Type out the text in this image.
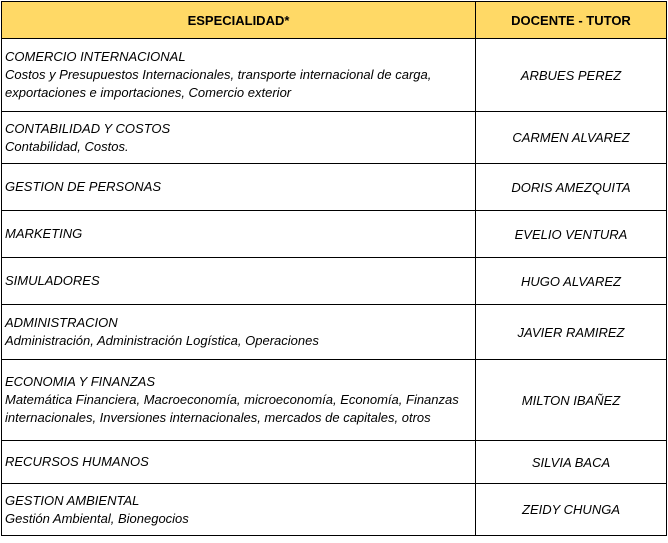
ESPECIALIDAD*	DOCENTE - TUTOR

COMERCIO INTERNACIONAL
Costos y Presupuestos Internacionales, transporte internacional de carga, exportaciones e importaciones, Comercio exterior	ARBUES PEREZ

CONTABILIDAD Y COSTOS
Contabilidad, Costos.	CARMEN ALVAREZ

GESTION DE PERSONAS	DORIS AMEZQUITA

MARKETING	EVELIO VENTURA

SIMULADORES	HUGO ALVAREZ

ADMINISTRACION
Administración, Administración Logística, Operaciones	JAVIER RAMIREZ

ECONOMIA Y FINANZAS
Matemática Financiera, Macroeconomía, microeconomía, Economía, Finanzas internacionales, Inversiones internacionales, mercados de capitales, otros	MILTON IBAÑEZ

RECURSOS HUMANOS	SILVIA BACA

GESTION AMBIENTAL
Gestión Ambiental, Bionegocios	ZEIDY CHUNGA
